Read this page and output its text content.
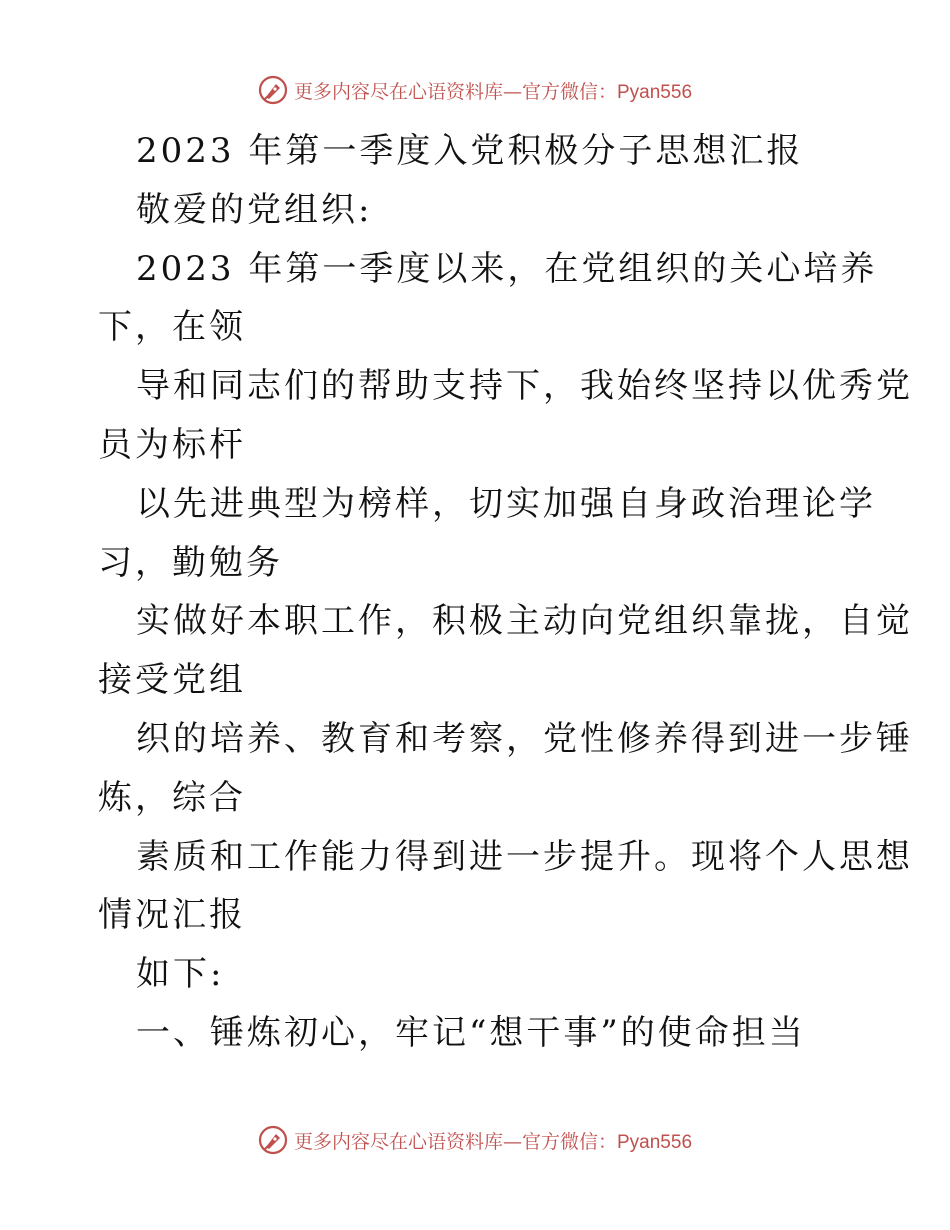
更多内容尽在心语资料库—官方微信：Pyan556
2023 年第一季度入党积极分子思想汇报
敬爱的党组织:
2023 年第一季度以来，在党组织的关心培养
下，在领
导和同志们的帮助支持下，我始终坚持以优秀党
员为标杆
以先进典型为榜样，切实加强自身政治理论学
习，勤勉务
实做好本职工作，积极主动向党组织靠拢，自觉
接受党组
织的培养、教育和考察，党性修养得到进一步锤
炼，综合
素质和工作能力得到进一步提升。现将个人思想
情况汇报
如下:
一、锤炼初心，牢记“想干事”的使命担当
更多内容尽在心语资料库—官方微信：Pyan556
